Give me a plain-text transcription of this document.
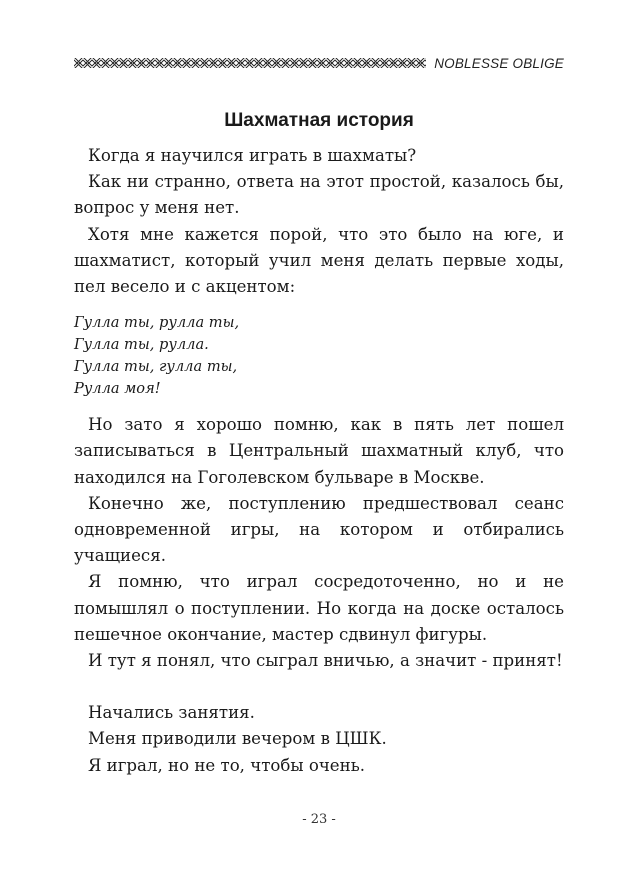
NOBLESSE OBLIGE
Шахматная история

Когда я научился играть в шахматы?

Как ни странно, ответа на этот простой, казалось бы, вопрос у меня нет.

Хотя мне кажется порой, что это было на юге, и шахматист, который учил меня делать первые ходы, пел весело и с акцентом:

Гулла ты, рулла ты,
Гулла ты, рулла.
Гулла ты, гулла ты,
Рулла моя!

Но зато я хорошо помню, как в пять лет пошел записываться в Центральный шахматный клуб, что находился на Гоголевском бульваре в Москве.

Конечно же, поступлению предшествовал сеанс одновременной игры, на котором и отбирались учащиеся.

Я помню, что играл сосредоточенно, но и не помышлял о поступлении. Но когда на доске осталось пешечное окончание, мастер сдвинул фигуры.

И тут я понял, что сыграл вничью, а значит - принят!

Начались занятия.

Меня приводили вечером в ЦШК.

Я играл, но не то, чтобы очень.

- 23 -
